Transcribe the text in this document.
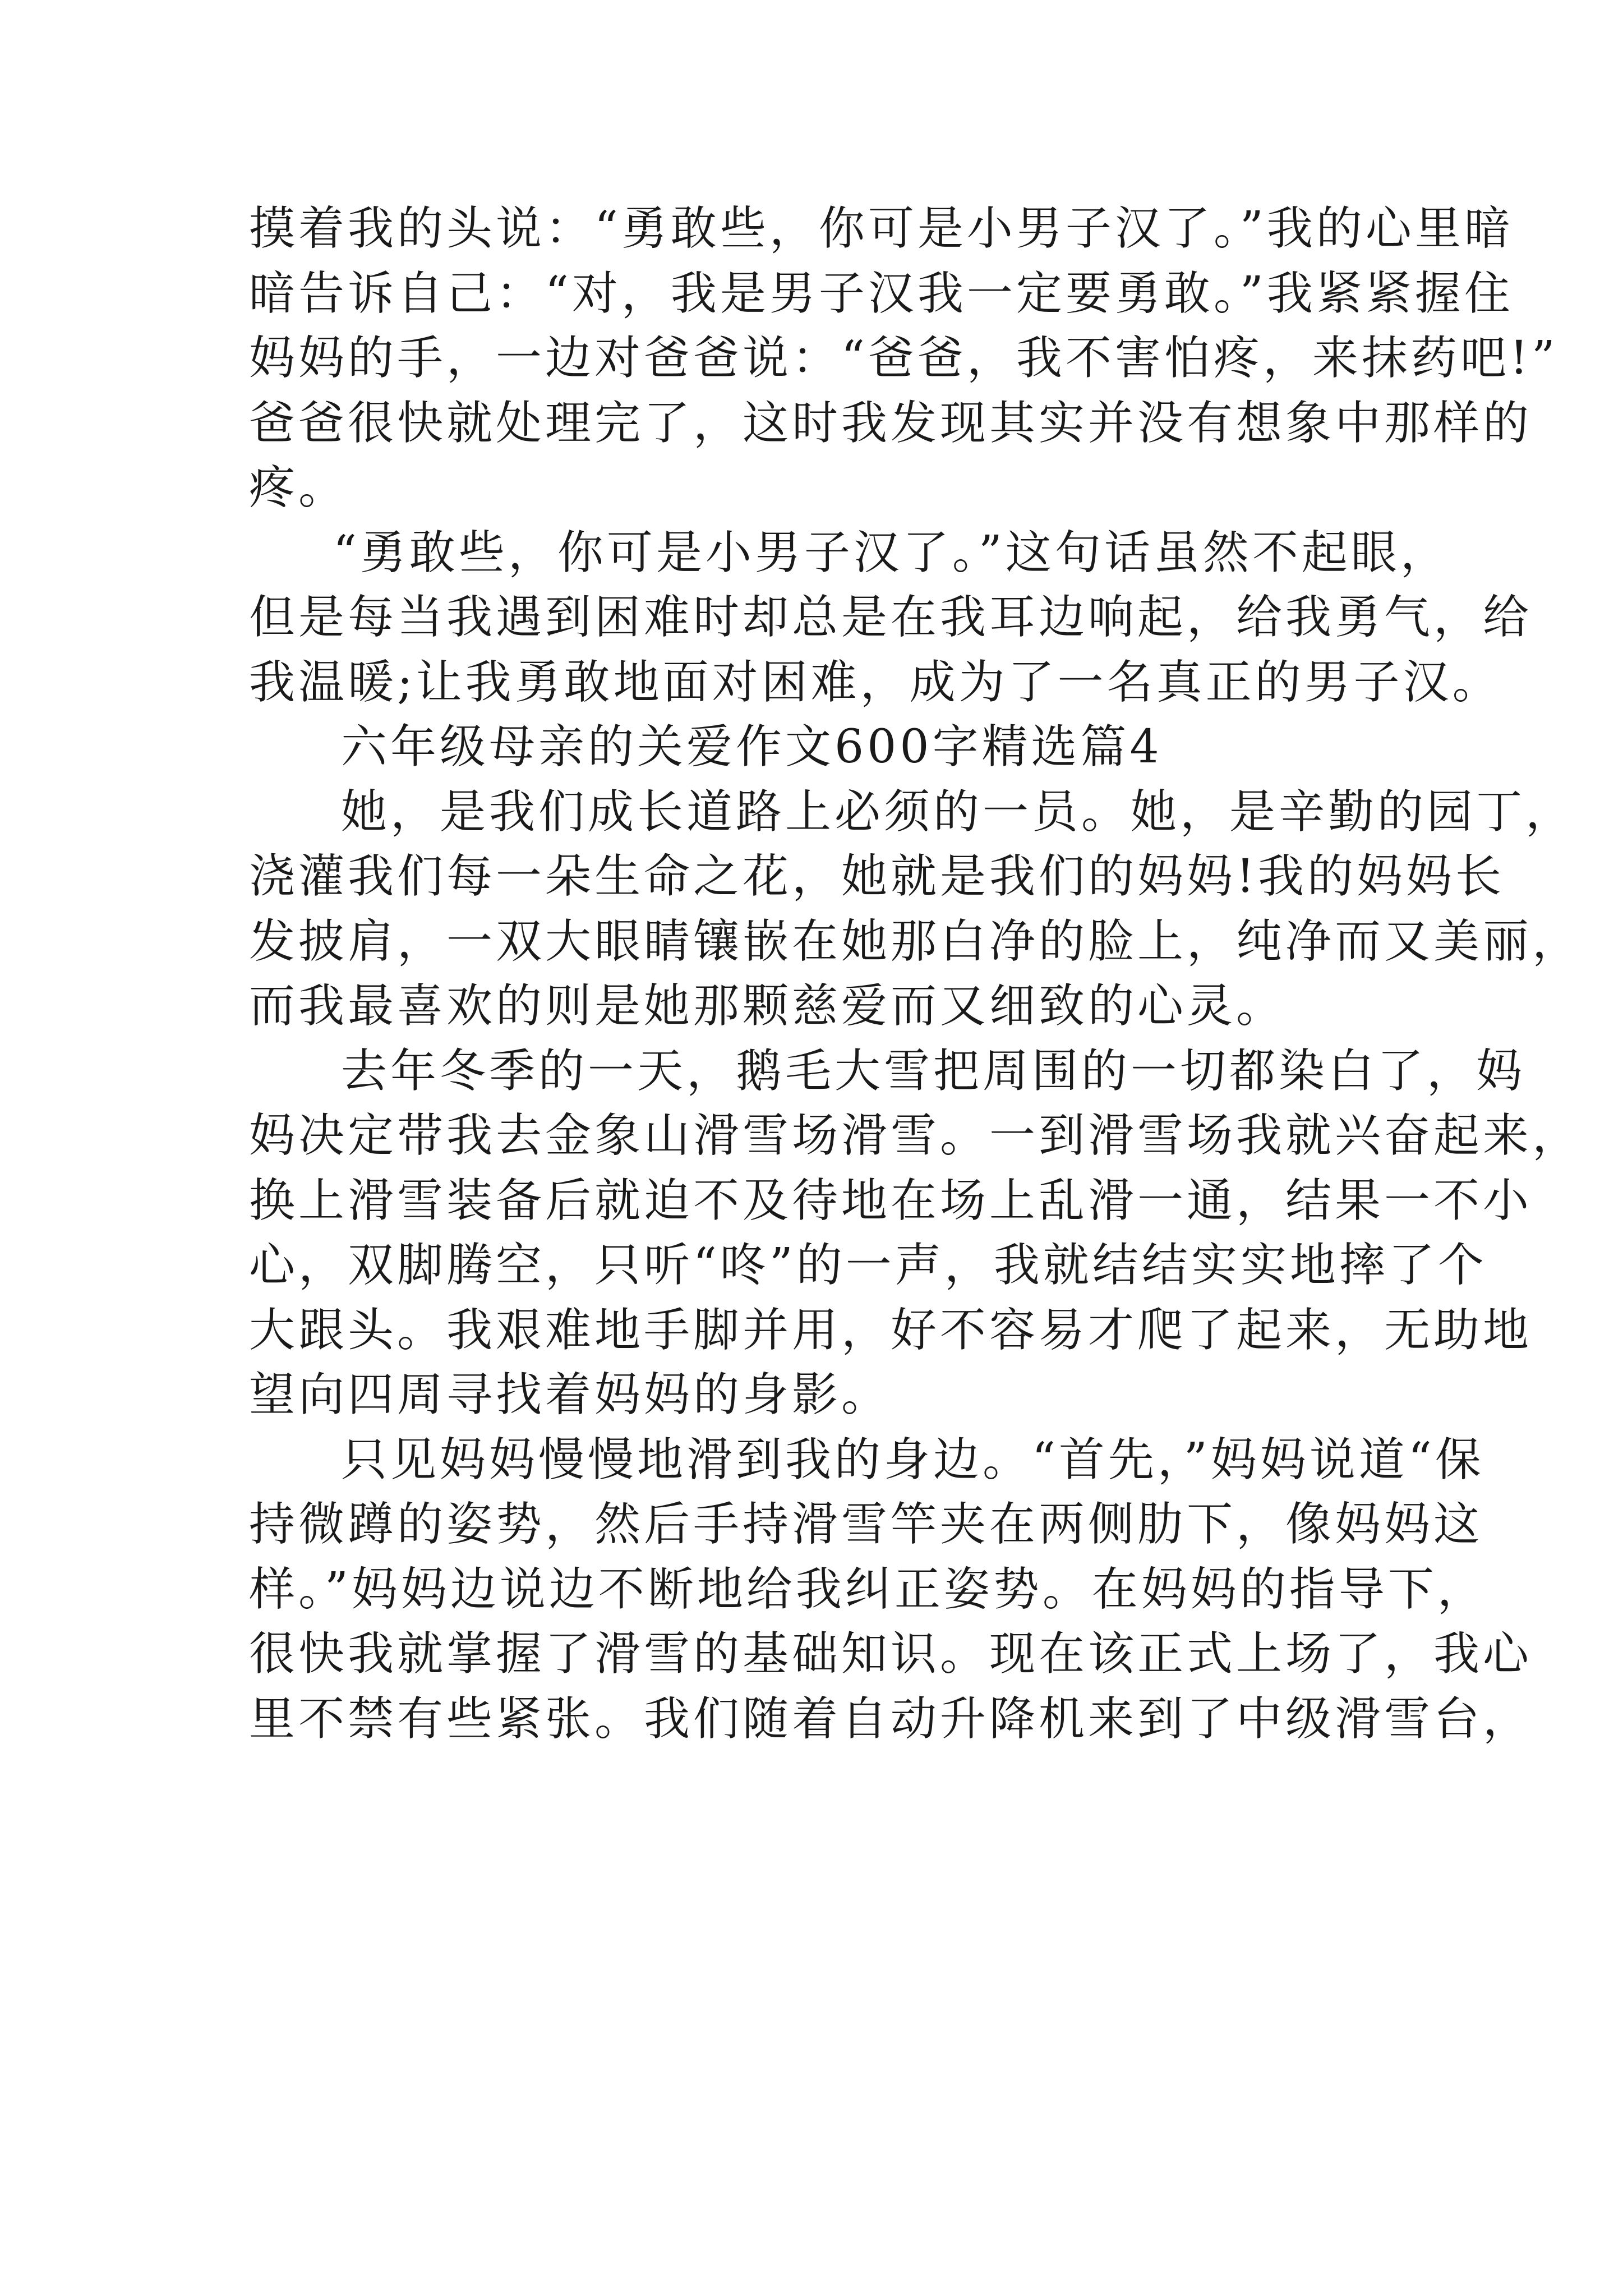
摸着我的头说：“勇敢些，你可是小男子汉了。”我的心里暗
暗告诉自己：“对，我是男子汉我一定要勇敢。”我紧紧握住
妈妈的手，一边对爸爸说：“爸爸，我不害怕疼，来抹药吧!”
爸爸很快就处理完了，这时我发现其实并没有想象中那样的
疼。
“勇敢些，你可是小男子汉了。”这句话虽然不起眼，
但是每当我遇到困难时却总是在我耳边响起，给我勇气，给
我温暖;让我勇敢地面对困难，成为了一名真正的男子汉。
六年级母亲的关爱作文600字精选篇4
她，是我们成长道路上必须的一员。她，是辛勤的园丁，
浇灌我们每一朵生命之花，她就是我们的妈妈!我的妈妈长
发披肩，一双大眼睛镶嵌在她那白净的脸上，纯净而又美丽，
而我最喜欢的则是她那颗慈爱而又细致的心灵。
去年冬季的一天，鹅毛大雪把周围的一切都染白了，妈
妈决定带我去金象山滑雪场滑雪。一到滑雪场我就兴奋起来，
换上滑雪装备后就迫不及待地在场上乱滑一通，结果一不小
心，双脚腾空，只听“咚”的一声，我就结结实实地摔了个
大跟头。我艰难地手脚并用，好不容易才爬了起来，无助地
望向四周寻找着妈妈的身影。
只见妈妈慢慢地滑到我的身边。“首先，”妈妈说道“保
持微蹲的姿势，然后手持滑雪竿夹在两侧肋下，像妈妈这
样。”妈妈边说边不断地给我纠正姿势。在妈妈的指导下，
很快我就掌握了滑雪的基础知识。现在该正式上场了，我心
里不禁有些紧张。我们随着自动升降机来到了中级滑雪台，
